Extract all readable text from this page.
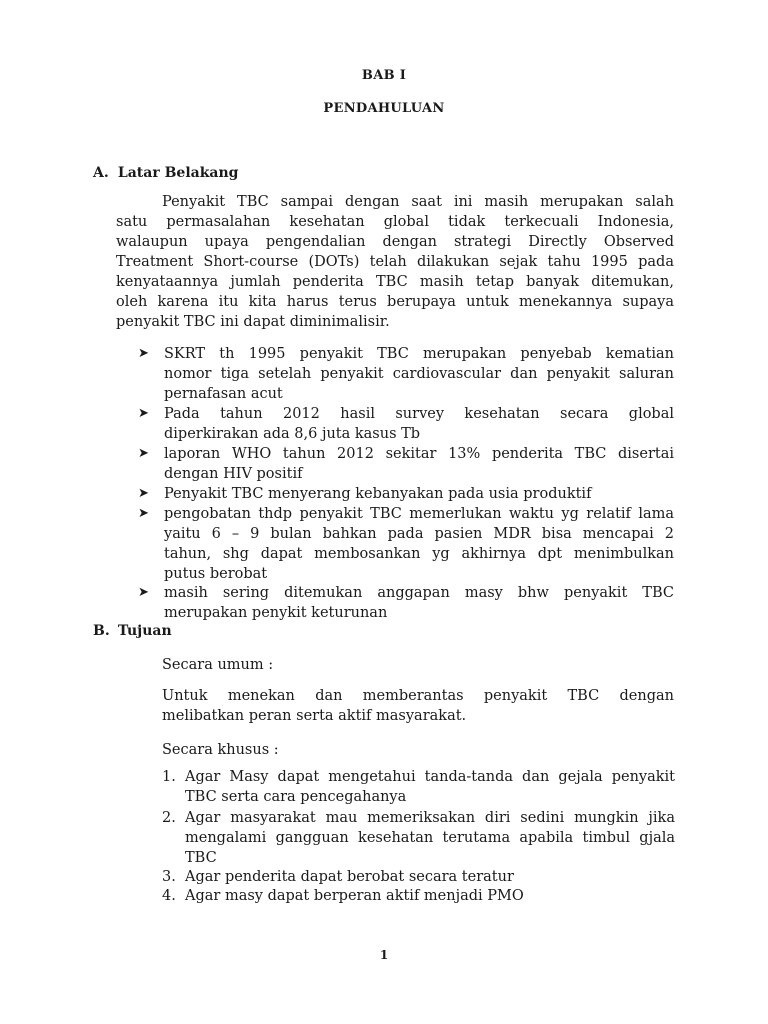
BAB I
PENDAHULUAN
A. Latar Belakang
Penyakit TBC sampai dengan saat ini masih merupakan salah
satu permasalahan kesehatan global tidak terkecuali Indonesia,
walaupun upaya pengendalian dengan strategi Directly Observed
Treatment Short-course (DOTs) telah dilakukan sejak tahu 1995 pada
kenyataannya jumlah penderita TBC masih tetap banyak ditemukan,
oleh karena itu kita harus terus berupaya untuk menekannya supaya
penyakit TBC ini dapat diminimalisir.
➤ SKRT th 1995 penyakit TBC merupakan penyebab kematian
nomor tiga setelah penyakit cardiovascular dan penyakit saluran
pernafasan acut
➤ Pada tahun 2012 hasil survey kesehatan secara global
diperkirakan ada 8,6 juta kasus Tb
➤ laporan WHO tahun 2012 sekitar 13% penderita TBC disertai
dengan HIV positif
➤ Penyakit TBC menyerang kebanyakan pada usia produktif
➤ pengobatan thdp penyakit TBC memerlukan waktu yg relatif lama
yaitu 6 – 9 bulan bahkan pada pasien MDR bisa mencapai 2
tahun, shg dapat membosankan yg akhirnya dpt menimbulkan
putus berobat
➤ masih sering ditemukan anggapan masy bhw penyakit TBC
merupakan penykit keturunan
B. Tujuan
Secara umum :
Untuk menekan dan memberantas penyakit TBC dengan
melibatkan peran serta aktif masyarakat.
Secara khusus :
1. Agar Masy dapat mengetahui tanda-tanda dan gejala penyakit
TBC serta cara pencegahanya
2. Agar masyarakat mau memeriksakan diri sedini mungkin jika
mengalami gangguan kesehatan terutama apabila timbul gjala
TBC
3. Agar penderita dapat berobat secara teratur
4. Agar masy dapat berperan aktif menjadi PMO
1
